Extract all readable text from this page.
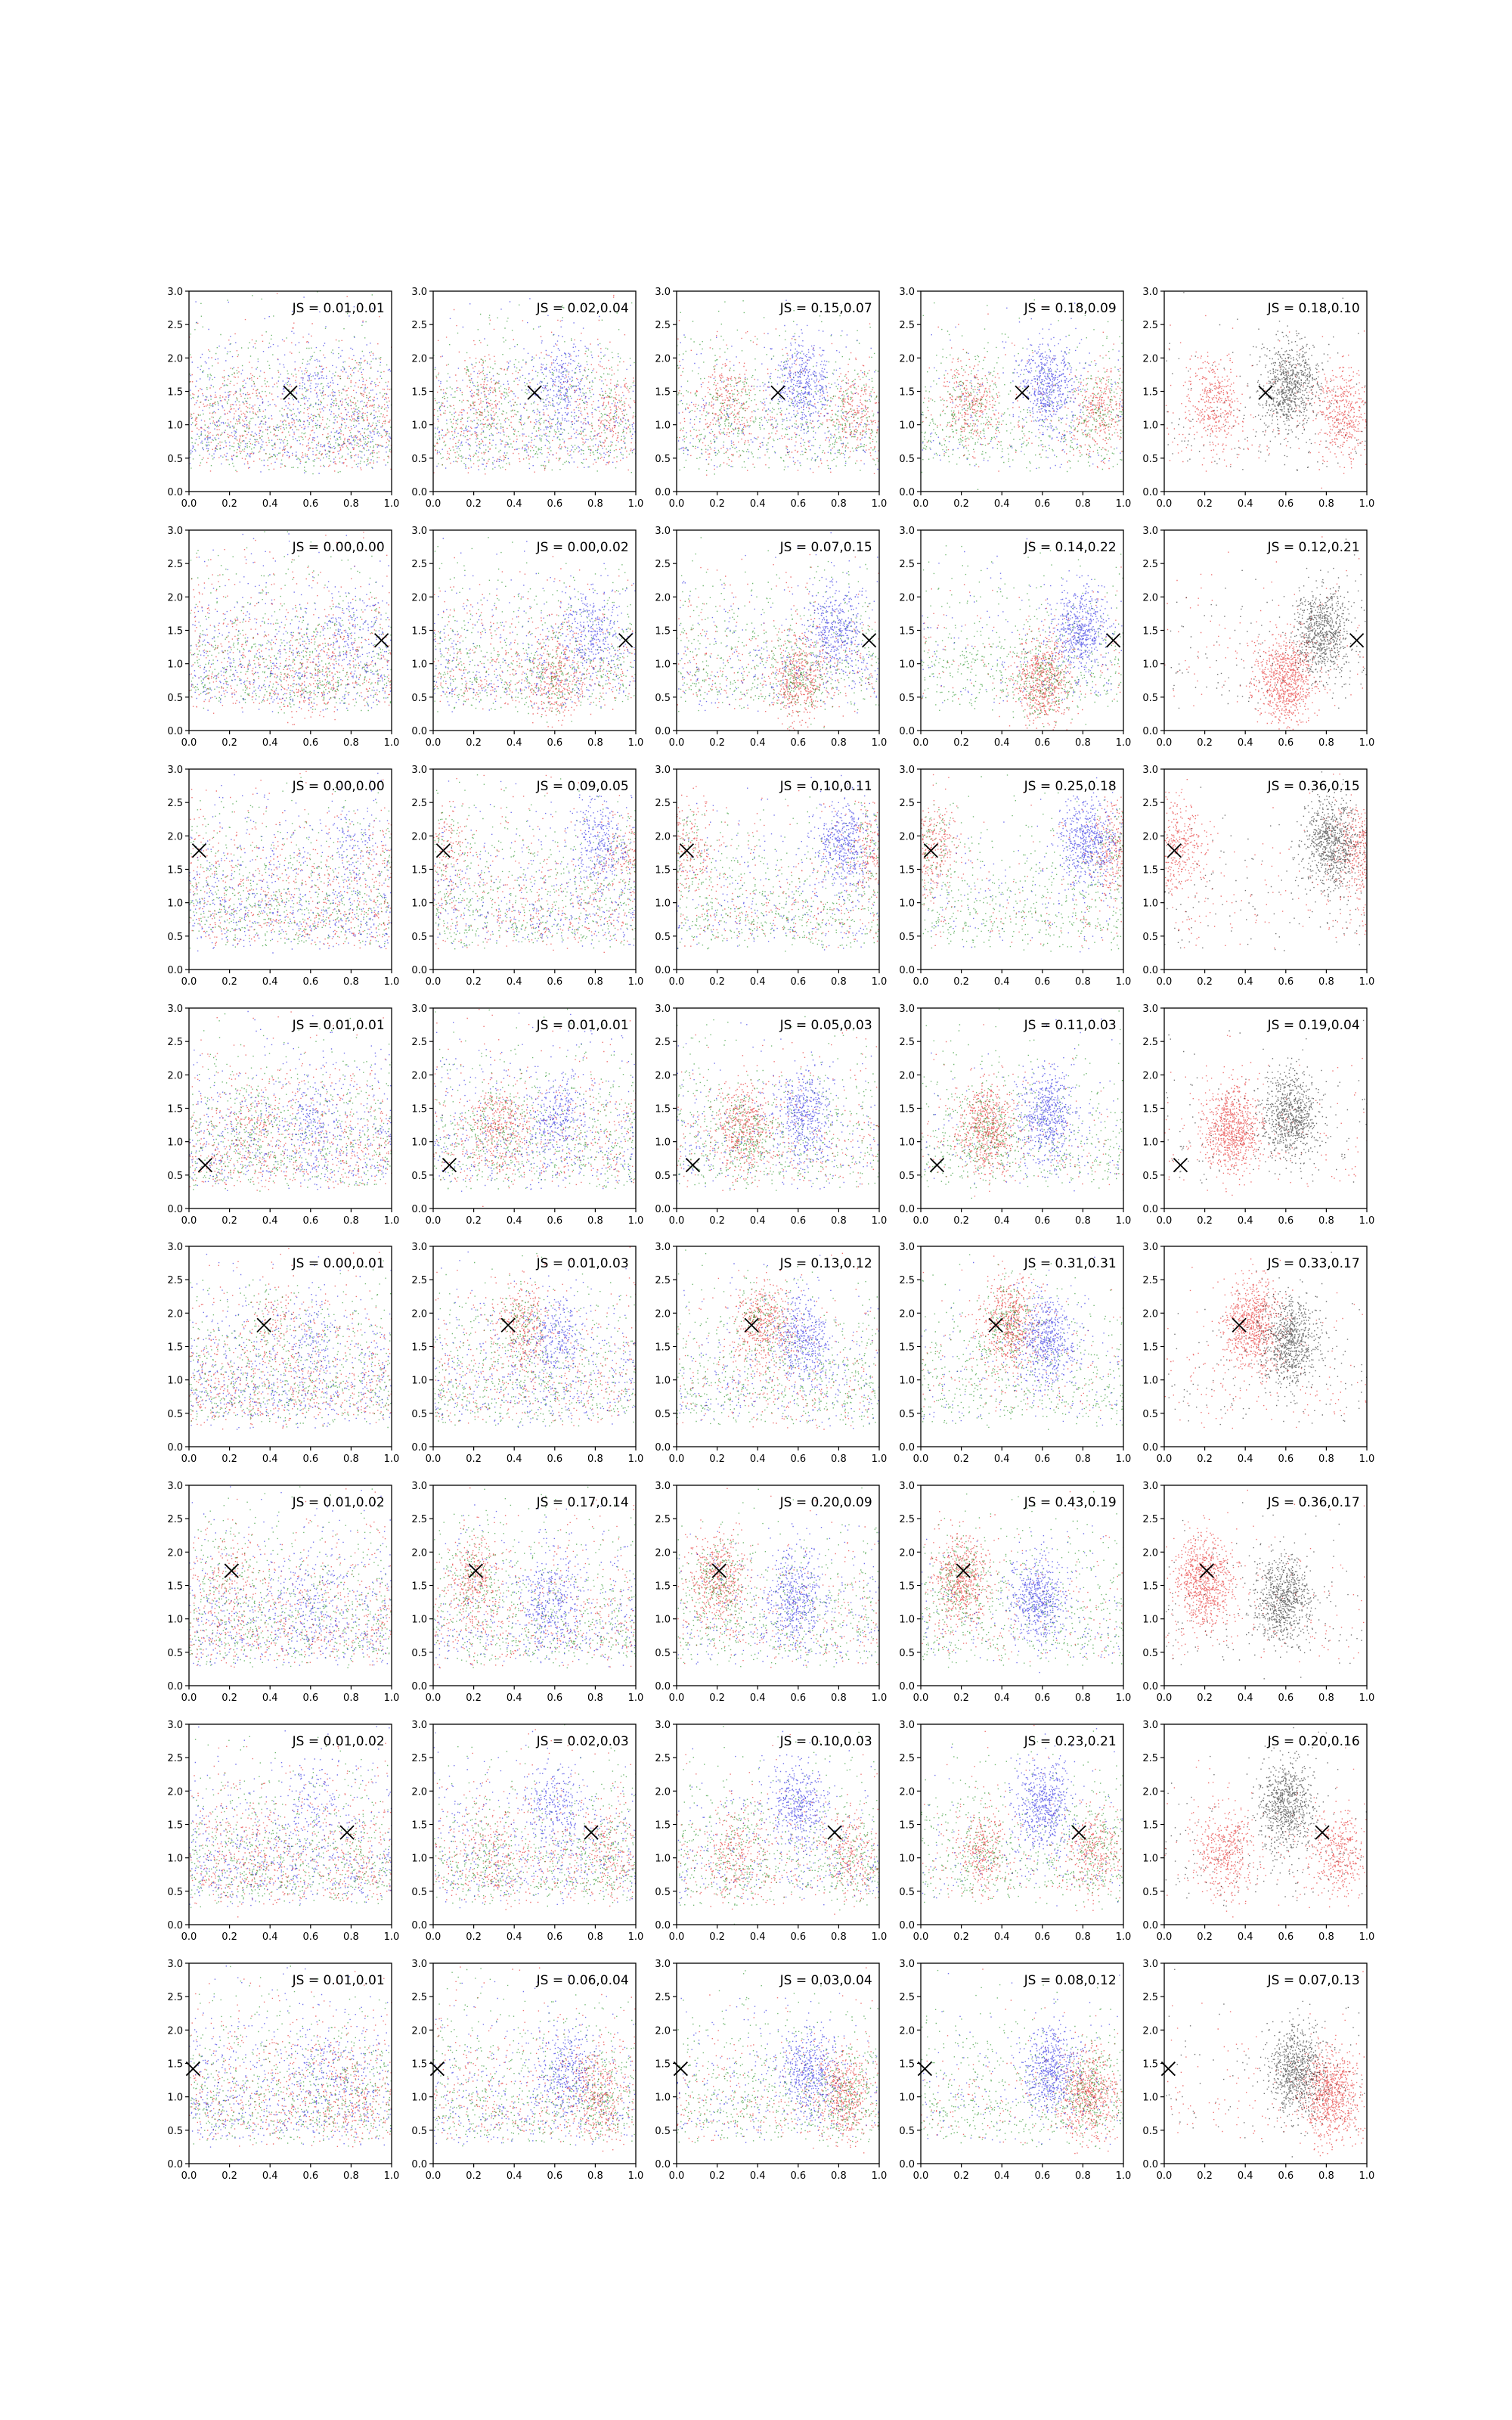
0.0	0.2	0.4	0.6	0.8	1.0
0.0
0.5
1.0
1.5
2.0
2.5
3.0
JS = 0.01,0.01
0.0	0.2	0.4	0.6	0.8	1.0
0.0
0.5
1.0
1.5
2.0
2.5
3.0
JS = 0.02,0.04
0.0	0.2	0.4	0.6	0.8	1.0
0.0
0.5
1.0
1.5
2.0
2.5
3.0
JS = 0.15,0.07
0.0	0.2	0.4	0.6	0.8	1.0
0.0
0.5
1.0
1.5
2.0
2.5
3.0
JS = 0.18,0.09
0.0	0.2	0.4	0.6	0.8	1.0
0.0
0.5
1.0
1.5
2.0
2.5
3.0
JS = 0.18,0.10
0.0	0.2	0.4	0.6	0.8	1.0
0.0
0.5
1.0
1.5
2.0
2.5
3.0
JS = 0.00,0.00
0.0	0.2	0.4	0.6	0.8	1.0
0.0
0.5
1.0
1.5
2.0
2.5
3.0
JS = 0.00,0.02
0.0	0.2	0.4	0.6	0.8	1.0
0.0
0.5
1.0
1.5
2.0
2.5
3.0
JS = 0.07,0.15
0.0	0.2	0.4	0.6	0.8	1.0
0.0
0.5
1.0
1.5
2.0
2.5
3.0
JS = 0.14,0.22
0.0	0.2	0.4	0.6	0.8	1.0
0.0
0.5
1.0
1.5
2.0
2.5
3.0
JS = 0.12,0.21
0.0	0.2	0.4	0.6	0.8	1.0
0.0
0.5
1.0
1.5
2.0
2.5
3.0
JS = 0.00,0.00
0.0	0.2	0.4	0.6	0.8	1.0
0.0
0.5
1.0
1.5
2.0
2.5
3.0
JS = 0.09,0.05
0.0	0.2	0.4	0.6	0.8	1.0
0.0
0.5
1.0
1.5
2.0
2.5
3.0
JS = 0.10,0.11
0.0	0.2	0.4	0.6	0.8	1.0
0.0
0.5
1.0
1.5
2.0
2.5
3.0
JS = 0.25,0.18
0.0	0.2	0.4	0.6	0.8	1.0
0.0
0.5
1.0
1.5
2.0
2.5
3.0
JS = 0.36,0.15
0.0	0.2	0.4	0.6	0.8	1.0
0.0
0.5
1.0
1.5
2.0
2.5
3.0
JS = 0.01,0.01
0.0	0.2	0.4	0.6	0.8	1.0
0.0
0.5
1.0
1.5
2.0
2.5
3.0
JS = 0.01,0.01
0.0	0.2	0.4	0.6	0.8	1.0
0.0
0.5
1.0
1.5
2.0
2.5
3.0
JS = 0.05,0.03
0.0	0.2	0.4	0.6	0.8	1.0
0.0
0.5
1.0
1.5
2.0
2.5
3.0
JS = 0.11,0.03
0.0	0.2	0.4	0.6	0.8	1.0
0.0
0.5
1.0
1.5
2.0
2.5
3.0
JS = 0.19,0.04
0.0	0.2	0.4	0.6	0.8	1.0
0.0
0.5
1.0
1.5
2.0
2.5
3.0
JS = 0.00,0.01
0.0	0.2	0.4	0.6	0.8	1.0
0.0
0.5
1.0
1.5
2.0
2.5
3.0
JS = 0.01,0.03
0.0	0.2	0.4	0.6	0.8	1.0
0.0
0.5
1.0
1.5
2.0
2.5
3.0
JS = 0.13,0.12
0.0	0.2	0.4	0.6	0.8	1.0
0.0
0.5
1.0
1.5
2.0
2.5
3.0
JS = 0.31,0.31
0.0	0.2	0.4	0.6	0.8	1.0
0.0
0.5
1.0
1.5
2.0
2.5
3.0
JS = 0.33,0.17
0.0	0.2	0.4	0.6	0.8	1.0
0.0
0.5
1.0
1.5
2.0
2.5
3.0
JS = 0.01,0.02
0.0	0.2	0.4	0.6	0.8	1.0
0.0
0.5
1.0
1.5
2.0
2.5
3.0
JS = 0.17,0.14
0.0	0.2	0.4	0.6	0.8	1.0
0.0
0.5
1.0
1.5
2.0
2.5
3.0
JS = 0.20,0.09
0.0	0.2	0.4	0.6	0.8	1.0
0.0
0.5
1.0
1.5
2.0
2.5
3.0
JS = 0.43,0.19
0.0	0.2	0.4	0.6	0.8	1.0
0.0
0.5
1.0
1.5
2.0
2.5
3.0
JS = 0.36,0.17
0.0	0.2	0.4	0.6	0.8	1.0
0.0
0.5
1.0
1.5
2.0
2.5
3.0
JS = 0.01,0.02
0.0	0.2	0.4	0.6	0.8	1.0
0.0
0.5
1.0
1.5
2.0
2.5
3.0
JS = 0.02,0.03
0.0	0.2	0.4	0.6	0.8	1.0
0.0
0.5
1.0
1.5
2.0
2.5
3.0
JS = 0.10,0.03
0.0	0.2	0.4	0.6	0.8	1.0
0.0
0.5
1.0
1.5
2.0
2.5
3.0
JS = 0.23,0.21
0.0	0.2	0.4	0.6	0.8	1.0
0.0
0.5
1.0
1.5
2.0
2.5
3.0
JS = 0.20,0.16
0.0	0.2	0.4	0.6	0.8	1.0
0.0
0.5
1.0
1.5
2.0
2.5
3.0
JS = 0.01,0.01
0.0	0.2	0.4	0.6	0.8	1.0
0.0
0.5
1.0
1.5
2.0
2.5
3.0
JS = 0.06,0.04
0.0	0.2	0.4	0.6	0.8	1.0
0.0
0.5
1.0
1.5
2.0
2.5
3.0
JS = 0.03,0.04
0.0	0.2	0.4	0.6	0.8	1.0
0.0
0.5
1.0
1.5
2.0
2.5
3.0
JS = 0.08,0.12
0.0	0.2	0.4	0.6	0.8	1.0
0.0
0.5
1.0
1.5
2.0
2.5
3.0
JS = 0.07,0.13
